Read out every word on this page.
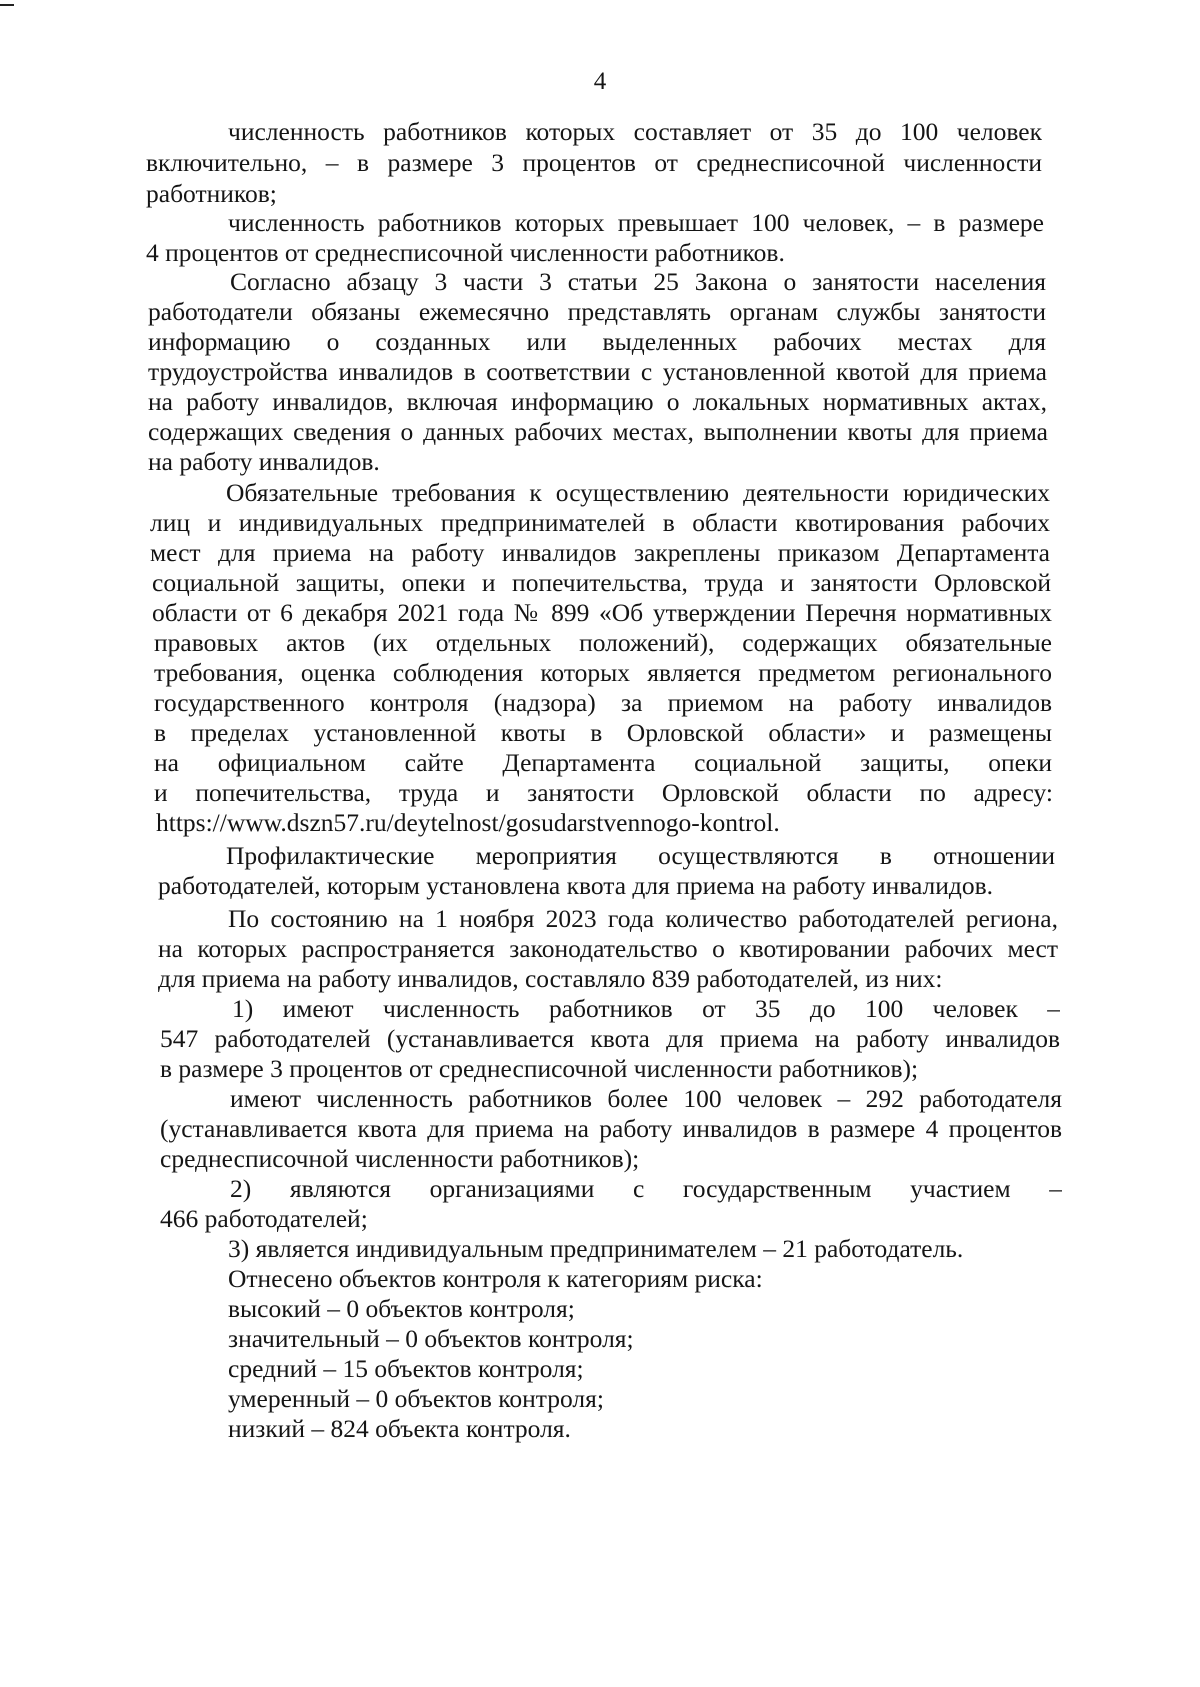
4
численность работников которых составляет от 35 до 100 человек
включительно, – в размере 3 процентов от среднесписочной численности
работников;
численность работников которых превышает 100 человек, – в размере
4 процентов от среднесписочной численности работников.
Согласно абзацу 3 части 3 статьи 25 Закона о занятости населения
работодатели обязаны ежемесячно представлять органам службы занятости
информацию о созданных или выделенных рабочих местах для
трудоустройства инвалидов в соответствии с установленной квотой для приема
на работу инвалидов, включая информацию о локальных нормативных актах,
содержащих сведения о данных рабочих местах, выполнении квоты для приема
на работу инвалидов.
Обязательные требования к осуществлению деятельности юридических
лиц и индивидуальных предпринимателей в области квотирования рабочих
мест для приема на работу инвалидов закреплены приказом Департамента
социальной защиты, опеки и попечительства, труда и занятости Орловской
области от 6 декабря 2021 года № 899 «Об утверждении Перечня нормативных
правовых актов (их отдельных положений), содержащих обязательные
требования, оценка соблюдения которых является предметом регионального
государственного контроля (надзора) за приемом на работу инвалидов
в пределах установленной квоты в Орловской области» и размещены
на официальном сайте Департамента социальной защиты, опеки
и попечительства, труда и занятости Орловской области по адресу:
https://www.dszn57.ru/deytelnost/gosudarstvennogo-kontrol.
Профилактические мероприятия осуществляются в отношении
работодателей, которым установлена квота для приема на работу инвалидов.
По состоянию на 1 ноября 2023 года количество работодателей региона,
на которых распространяется законодательство о квотировании рабочих мест
для приема на работу инвалидов, составляло 839 работодателей, из них:
1) имеют численность работников от 35 до 100 человек –
547 работодателей (устанавливается квота для приема на работу инвалидов
в размере 3 процентов от среднесписочной численности работников);
имеют численность работников более 100 человек – 292 работодателя
(устанавливается квота для приема на работу инвалидов в размере 4 процентов
среднесписочной численности работников);
2) являются организациями с государственным участием –
466 работодателей;
3) является индивидуальным предпринимателем – 21 работодатель.
Отнесено объектов контроля к категориям риска:
высокий – 0 объектов контроля;
значительный – 0 объектов контроля;
средний – 15 объектов контроля;
умеренный – 0 объектов контроля;
низкий – 824 объекта контроля.
